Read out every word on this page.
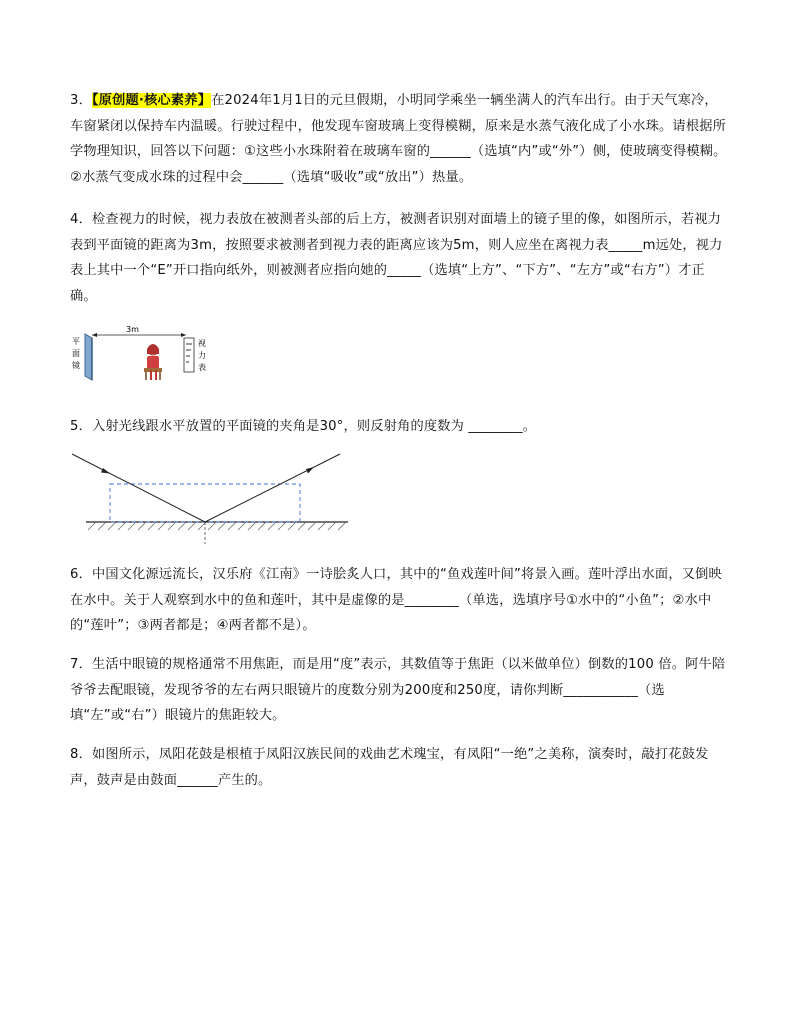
3．【原创题·核心素养】在2024年1月1日的元旦假期，小明同学乘坐一辆坐满人的汽车出行。由于天气寒冷，车窗紧闭以保持车内温暖。行驶过程中，他发现车窗玻璃上变得模糊，原来是水蒸气液化成了小水珠。请根据所学物理知识，回答以下问题：①这些小水珠附着在玻璃车窗的______（选填“内”或“外”）侧，使玻璃变得模糊。②水蒸气变成水珠的过程中会______（选填“吸收”或“放出”）热量。

4．检查视力的时候，视力表放在被测者头部的后上方，被测者识别对面墙上的镜子里的像，如图所示，若视力表到平面镜的距离为3m，按照要求被测者到视力表的距离应该为5m，则人应坐在离视力表_____m远处，视力表上其中一个“E”开口指向纸外，则被测者应指向她的_____（选填“上方”、“下方”、“左方”或“右方”）才正确。

平
面
镜
3m
视
力
表

5．入射光线跟水平放置的平面镜的夹角是30°，则反射角的度数为 ________。

6．中国文化源远流长，汉乐府《江南》一诗脍炙人口，其中的“鱼戏莲叶间”将景入画。莲叶浮出水面，又倒映在水中。关于人观察到水中的鱼和莲叶，其中是虚像的是________（单选，选填序号①水中的“小鱼”；②水中的“莲叶”；③两者都是；④两者都不是）。

7．生活中眼镜的规格通常不用焦距，而是用“度”表示，其数值等于焦距（以米做单位）倒数的100 倍。阿牛陪爷爷去配眼镜，发现爷爷的左右两只眼镜片的度数分别为200度和250度，请你判断___________（选填“左”或“右”）眼镜片的焦距较大。

8．如图所示，凤阳花鼓是根植于凤阳汉族民间的戏曲艺术瑰宝，有凤阳“一绝”之美称，演奏时，敲打花鼓发声，鼓声是由鼓面______产生的。
